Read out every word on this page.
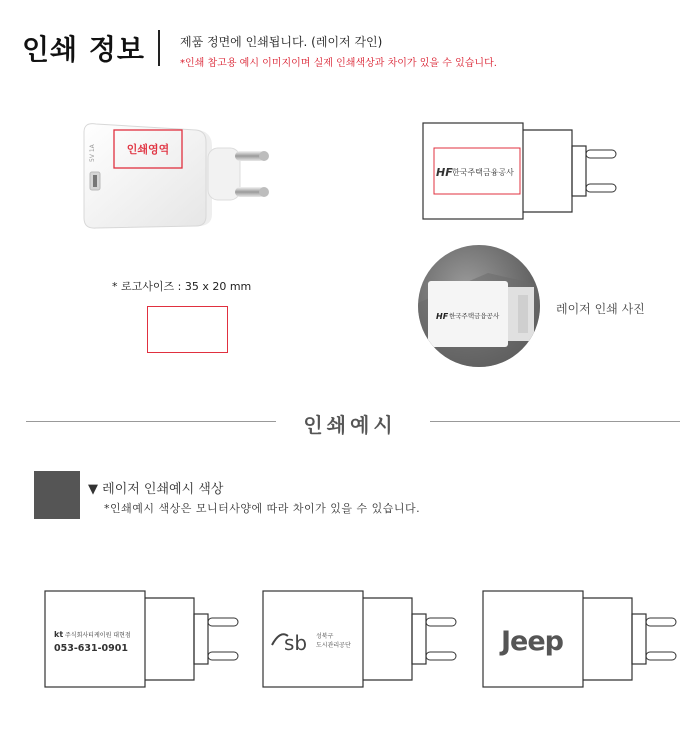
인쇄 정보	제품 정면에 인쇄됩니다. (레이저 각인)
*인쇄 참고용 예시 이미지이며 실제 인쇄색상과 차이가 있을 수 있습니다.
5V 1A	인쇄영역
* 로고사이즈 : 35 x 20 mm
HF 한국주택금융공사
HF 한국주택금융공사	레이저 인쇄 사진
인쇄예시
▼ 레이저 인쇄예시 색상
*인쇄예시 색상은 모니터사양에 따라 차이가 있을 수 있습니다.
kt 주식회사티케이원 대현점
053-631-0901	sb 성북구
도시관리공단	Jeep
